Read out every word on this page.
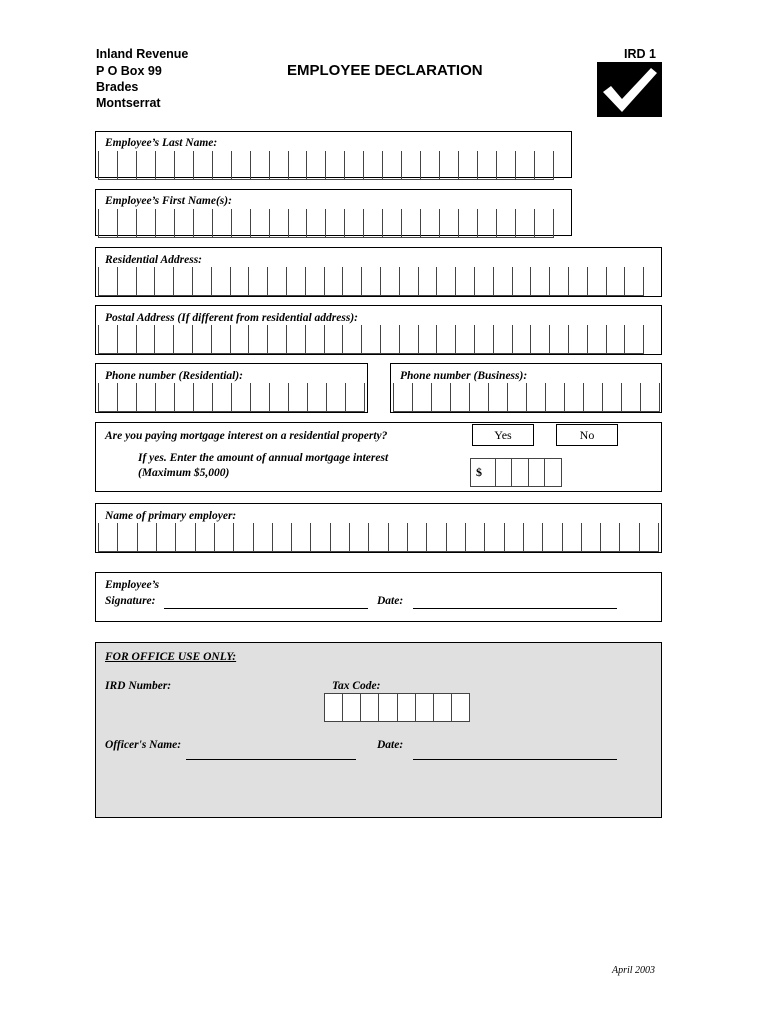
Inland Revenue
P O Box 99
Brades
Montserrat
EMPLOYEE DECLARATION
IRD 1
Employee’s Last Name:
Employee’s First Name(s):
Residential Address:
Postal Address (If different from residential address):
Phone number (Residential):	Phone number (Business):
Are you paying mortgage interest on a residential property?	Yes	No
If yes. Enter the amount of annual mortgage interest
(Maximum $5,000)	$
Name of primary employer:
Employee’s
Signature:	Date:
FOR OFFICE USE ONLY:
IRD Number:	Tax Code:
Officer's Name:	Date:
April 2003
